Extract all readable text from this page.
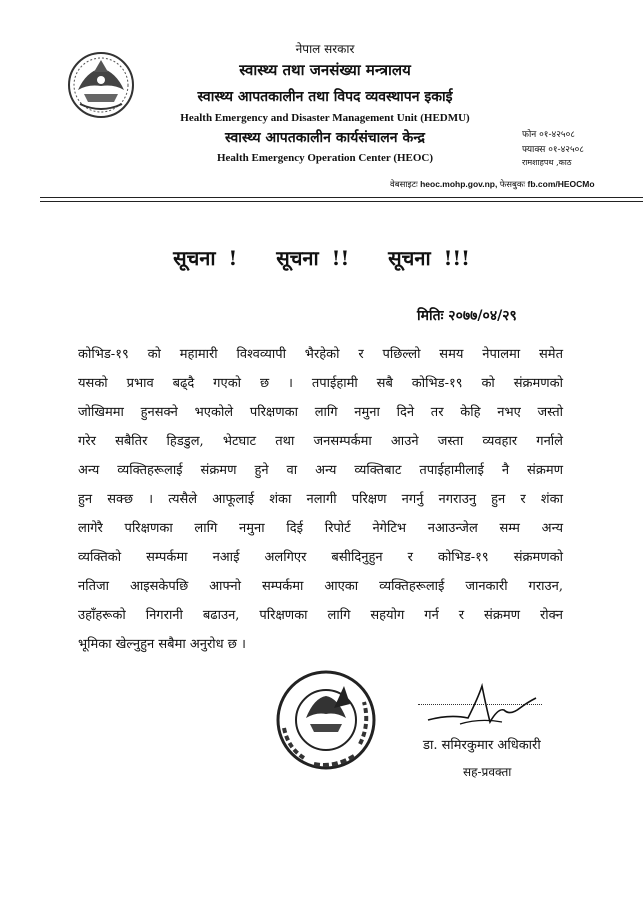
नेपाल सरकार
स्वास्थ्य तथा जनसंख्या मन्त्रालय
स्वास्थ्य आपतकालीन तथा विपद व्यवस्थापन इकाई
Health Emergency and Disaster Management Unit (HEDMU)
स्वास्थ्य आपतकालीन कार्यसंचालन केन्द्र
Health Emergency Operation Center (HEOC)
फोन ०१-४२५०८
फ्याक्स ०१-४२५०८
रामशाहपथ ,काठ
वेबसाइटः heoc.mohp.gov.np, फेसबुकः fb.com/HEOCMo
सूचना !   सूचना !!   सूचना !!!
मितिः २०७७/०४/२९
कोभिड-१९ को महामारी विश्वव्यापी भैरहेको र पछिल्लो समय नेपालमा समेत
यसको प्रभाव बढ्दै गएको छ । तपाईहामी सबै कोभिड-१९ को संक्रमणको
जोखिममा हुनसक्ने भएकोले परिक्षणका लागि नमुना दिने तर केहि नभए जस्तो
गरेर सबैतिर हिडडुल, भेटघाट तथा जनसम्पर्कमा आउने जस्ता व्यवहार गर्नाले
अन्य व्यक्तिहरूलाई संक्रमण हुने वा अन्य व्यक्तिबाट तपाईहामीलाई नै संक्रमण
हुन सक्छ । त्यसैले आफूलाई शंका नलागी परिक्षण नगर्नु नगराउनु हुन र शंका
लागेरै परिक्षणका लागि नमुना दिई रिपोर्ट नेगेटिभ नआउन्जेल सम्म अन्य
व्यक्तिको सम्पर्कमा नआई अलगिएर बसीदिनुहुन र कोभिड-१९ संक्रमणको
नतिजा आइसकेपछि आफ्नो सम्पर्कमा आएका व्यक्तिहरूलाई जानकारी गराउन,
उहाँहरूको निगरानी बढाउन, परिक्षणका लागि सहयोग गर्न र संक्रमण रोक्न
भूमिका खेल्नुहुन सबैमा अनुरोध छ ।
डा. समिरकुमार अधिकारी
सह-प्रवक्ता
